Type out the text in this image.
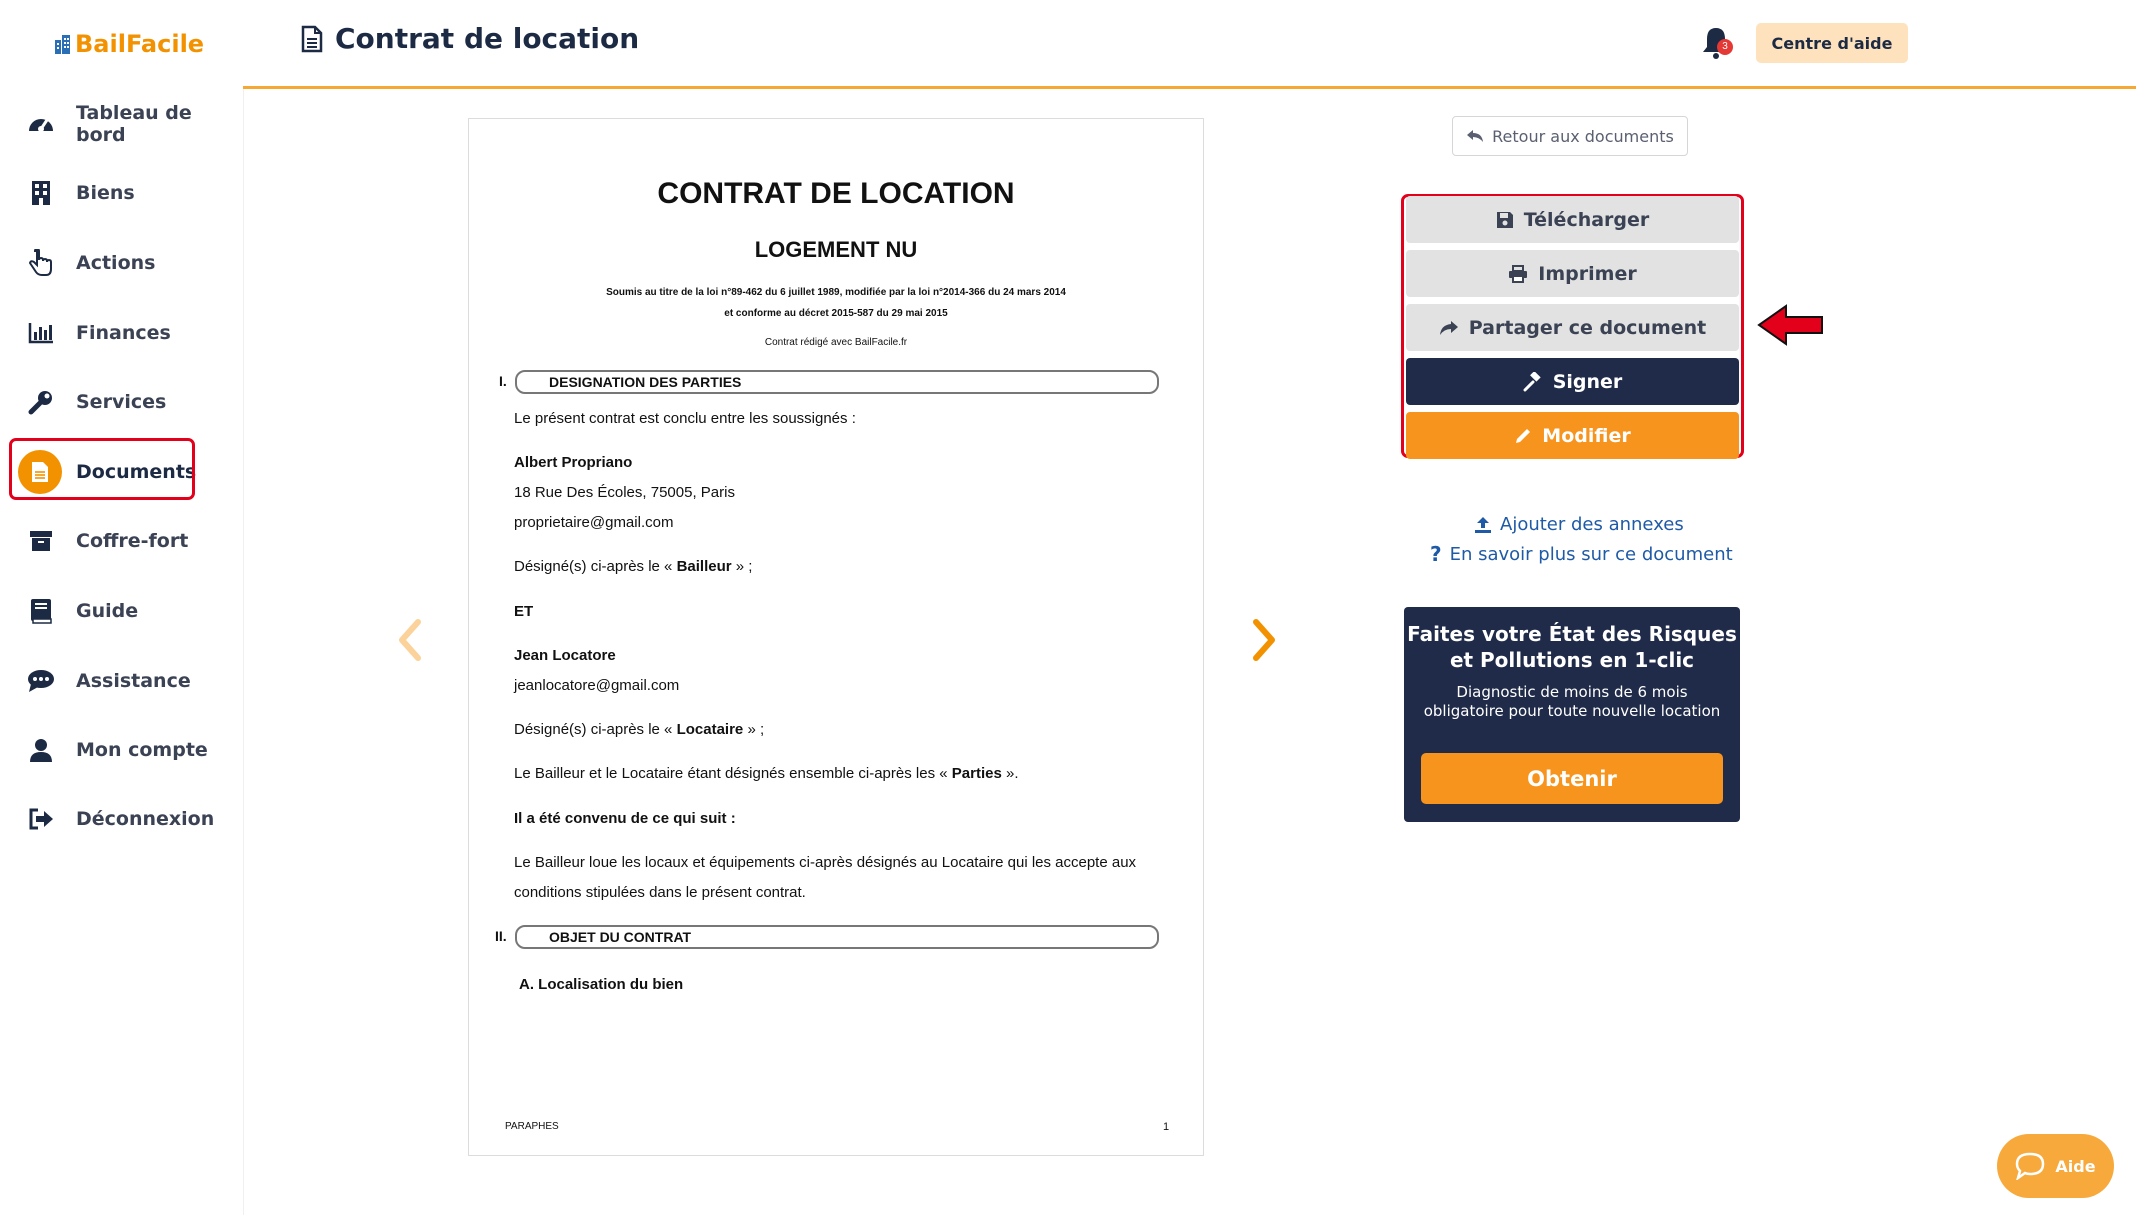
BailFacile
Tableau de bord
Biens
Actions
Finances
Services
Documents
Coffre-fort
Guide
Assistance
Mon compte
Déconnexion
Contrat de location	Centre d'aide
3
CONTRAT DE LOCATION
LOGEMENT NU
Soumis au titre de la loi n°89-462 du 6 juillet 1989, modifiée par la loi n°2014-366 du 24 mars 2014
et conforme au décret 2015-587 du 29 mai 2015
Contrat rédigé avec BailFacile.fr
I.	DESIGNATION DES PARTIES
Le présent contrat est conclu entre les soussignés :
Albert Propriano
18 Rue Des Écoles, 75005, Paris
proprietaire@gmail.com
Désigné(s) ci-après le « Bailleur » ;
ET
Jean Locatore
jeanlocatore@gmail.com
Désigné(s) ci-après le « Locataire » ;
Le Bailleur et le Locataire étant désignés ensemble ci-après les « Parties ».
Il a été convenu de ce qui suit :
Le Bailleur loue les locaux et équipements ci-après désignés au Locataire qui les accepte aux
conditions stipulées dans le présent contrat.
II.	OBJET DU CONTRAT
A. Localisation du bien
PARAPHES	1
Retour aux documents
Télécharger
Imprimer
Partager ce document
Signer
Modifier
Ajouter des annexes
? En savoir plus sur ce document
Faites votre État des Risques
et Pollutions en 1-clic
Diagnostic de moins de 6 mois
obligatoire pour toute nouvelle location
Obtenir
Aide
